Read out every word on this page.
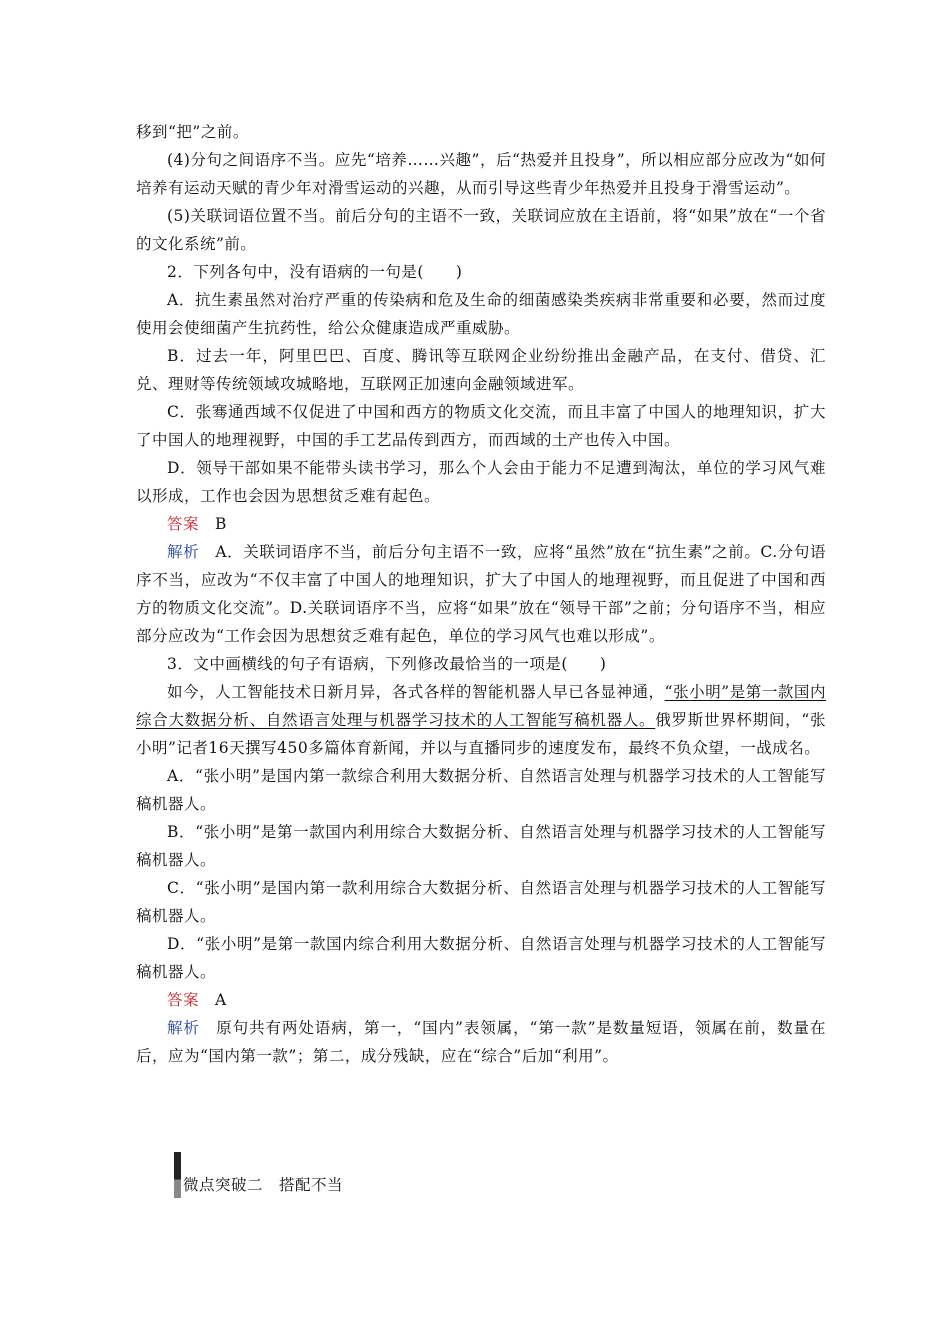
移到“把”之前。

(4)分句之间语序不当。应先“培养……兴趣”，后“热爱并且投身”，所以相应部分应改为“如何培养有运动天赋的青少年对滑雪运动的兴趣，从而引导这些青少年热爱并且投身于滑雪运动”。

(5)关联词语位置不当。前后分句的主语不一致，关联词应放在主语前，将“如果”放在“一个省的文化系统”前。

2．下列各句中，没有语病的一句是(　　)

A．抗生素虽然对治疗严重的传染病和危及生命的细菌感染类疾病非常重要和必要，然而过度使用会使细菌产生抗药性，给公众健康造成严重威胁。

B．过去一年，阿里巴巴、百度、腾讯等互联网企业纷纷推出金融产品，在支付、借贷、汇兑、理财等传统领域攻城略地，互联网正加速向金融领域进军。

C．张骞通西域不仅促进了中国和西方的物质文化交流，而且丰富了中国人的地理知识，扩大了中国人的地理视野，中国的手工艺品传到西方，而西域的土产也传入中国。

D．领导干部如果不能带头读书学习，那么个人会由于能力不足遭到淘汰，单位的学习风气难以形成，工作也会因为思想贫乏难有起色。

答案　B

解析　A．关联词语序不当，前后分句主语不一致，应将“虽然”放在“抗生素”之前。C.分句语序不当，应改为“不仅丰富了中国人的地理知识，扩大了中国人的地理视野，而且促进了中国和西方的物质文化交流”。D.关联词语序不当，应将“如果”放在“领导干部”之前；分句语序不当，相应部分应改为“工作会因为思想贫乏难有起色，单位的学习风气也难以形成”。

3．文中画横线的句子有语病，下列修改最恰当的一项是(　　)

如今，人工智能技术日新月异，各式各样的智能机器人早已各显神通，“张小明”是第一款国内综合大数据分析、自然语言处理与机器学习技术的人工智能写稿机器人。俄罗斯世界杯期间，“张小明”记者16天撰写450多篇体育新闻，并以与直播同步的速度发布，最终不负众望，一战成名。

A．“张小明”是国内第一款综合利用大数据分析、自然语言处理与机器学习技术的人工智能写稿机器人。

B．“张小明”是第一款国内利用综合大数据分析、自然语言处理与机器学习技术的人工智能写稿机器人。

C．“张小明”是国内第一款利用综合大数据分析、自然语言处理与机器学习技术的人工智能写稿机器人。

D．“张小明”是第一款国内综合利用大数据分析、自然语言处理与机器学习技术的人工智能写稿机器人。

答案　A

解析　原句共有两处语病，第一，“国内”表领属，“第一款”是数量短语，领属在前，数量在后，应为“国内第一款”；第二，成分残缺，应在“综合”后加“利用”。

微点突破二　搭配不当
